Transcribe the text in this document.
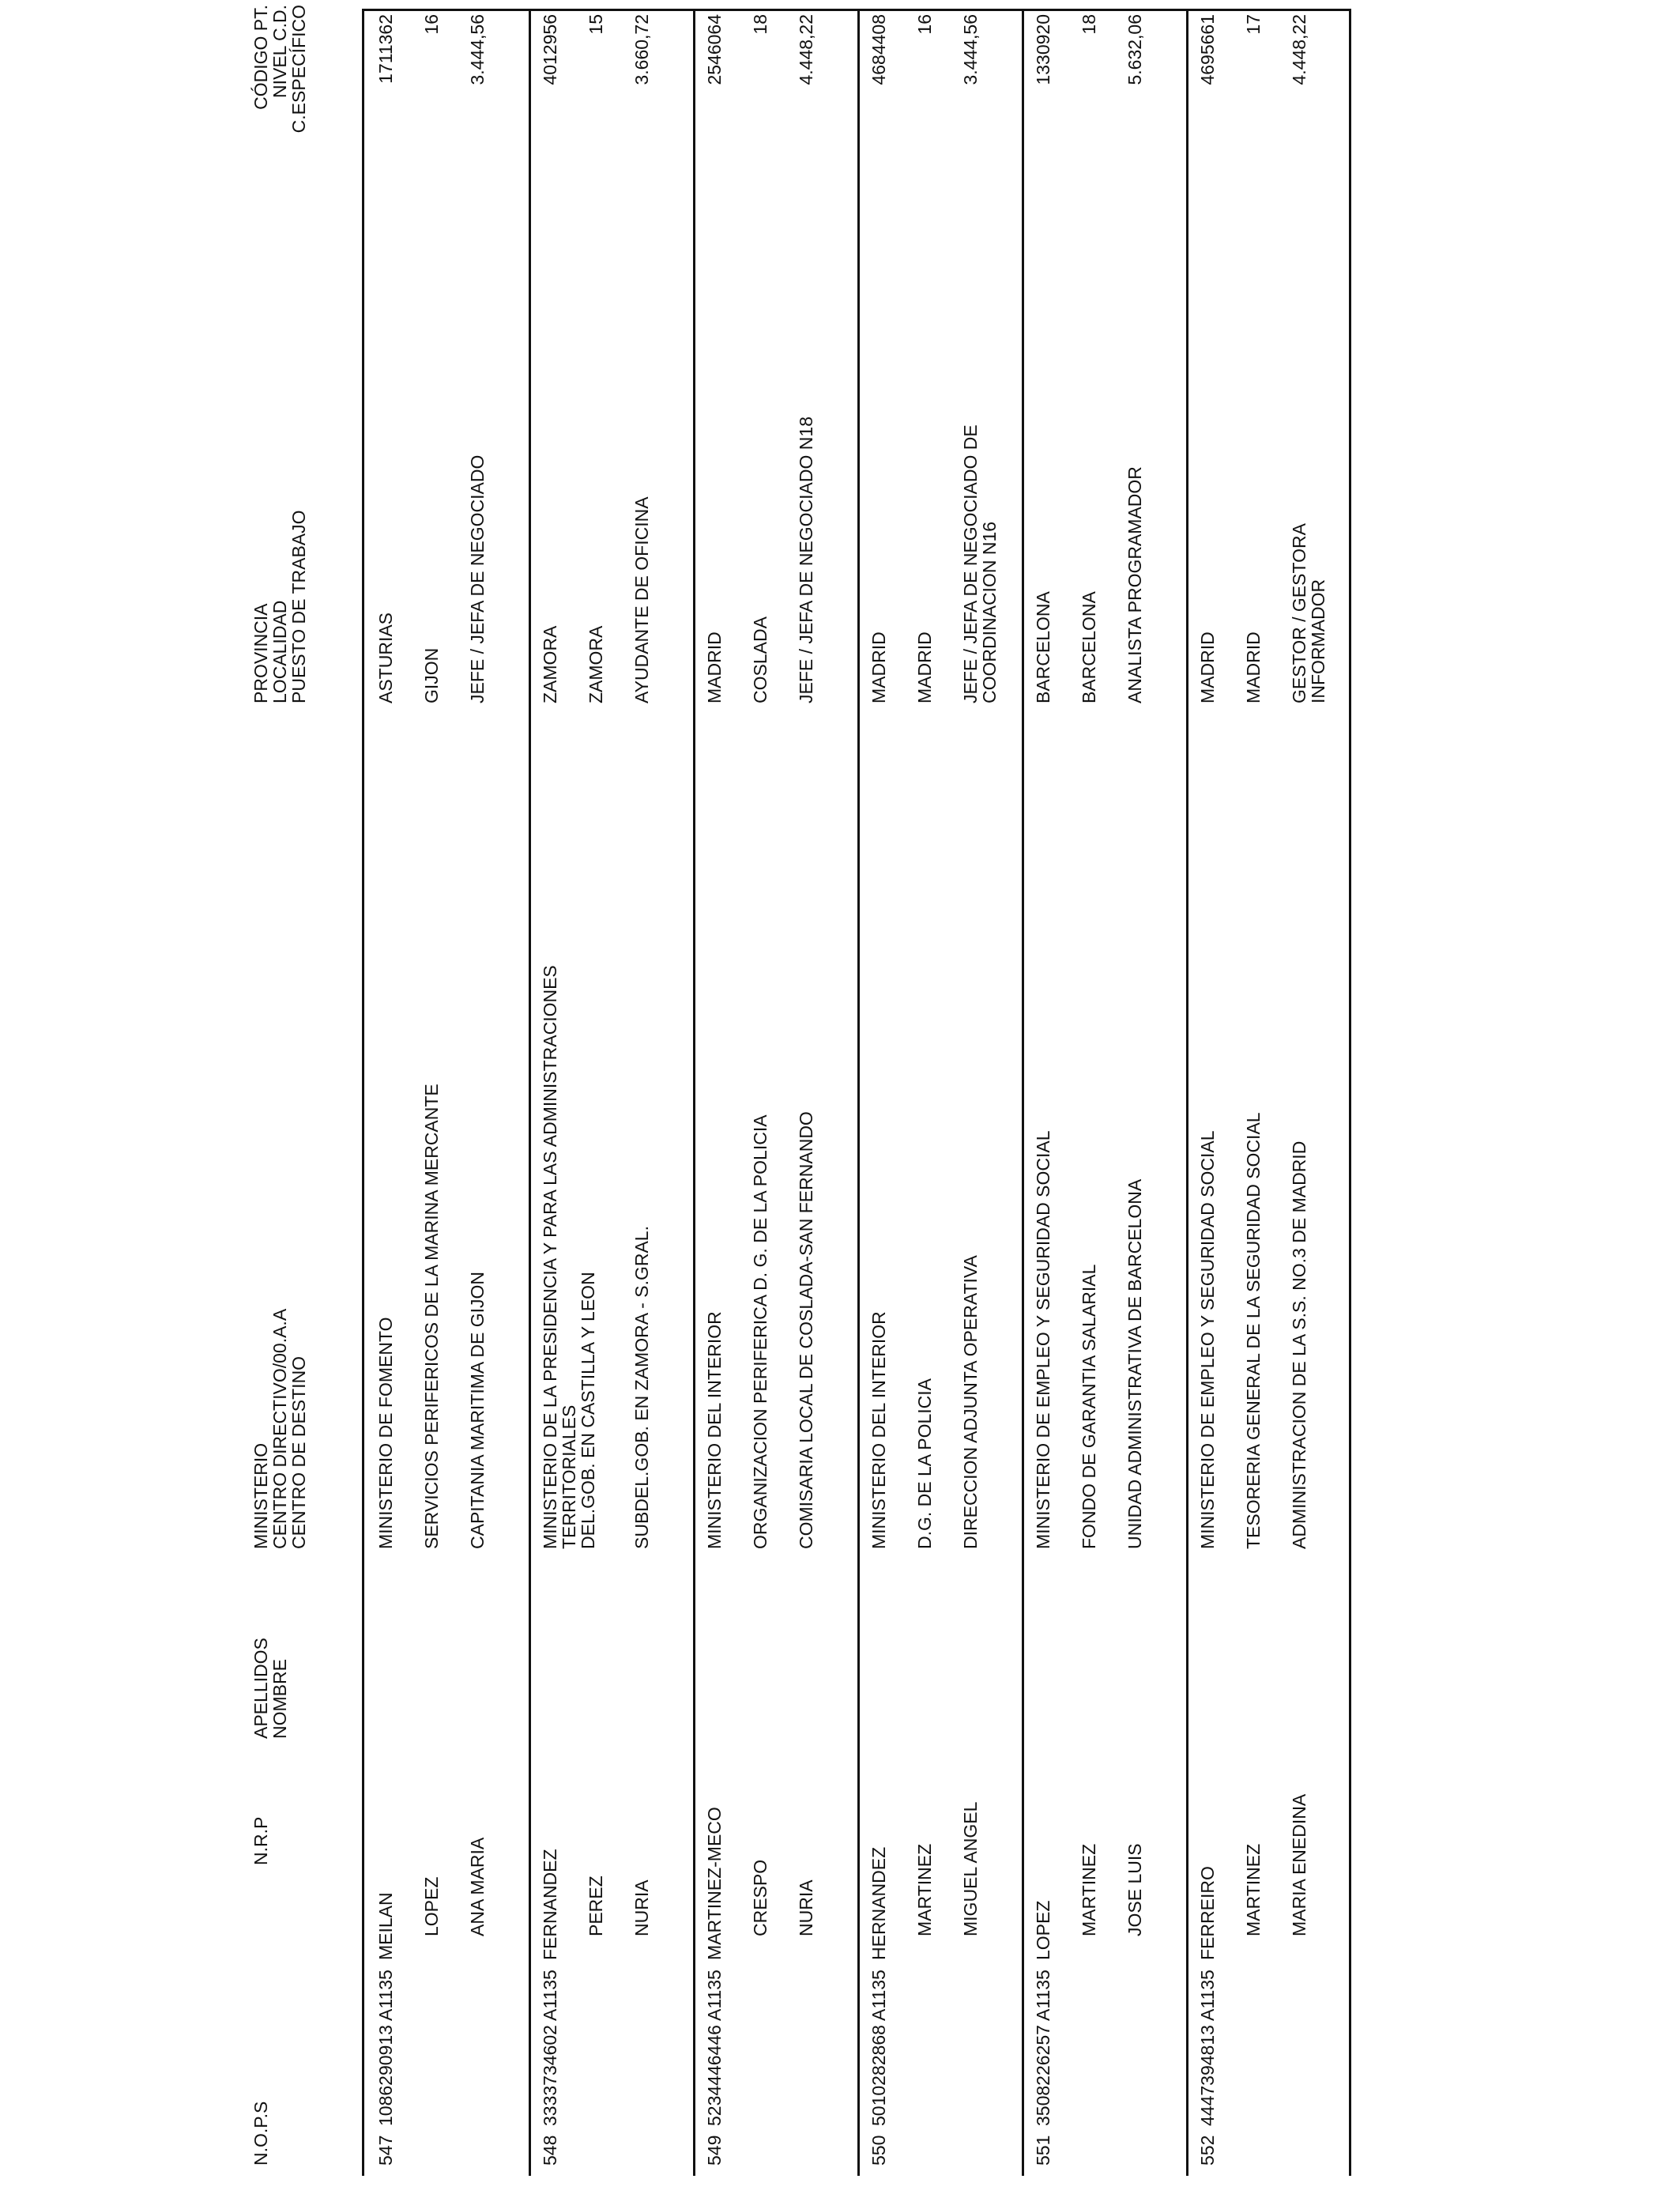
N.O.P.S
N.R.P
APELLIDOS
NOMBRE
MINISTERIO
CENTRO DIRECTIVO/00.A.A
CENTRO DE DESTINO
PROVINCIA
LOCALIDAD
PUESTO DE TRABAJO
CÓDIGO PT.
NIVEL C.D.
C.ESPECÍFICO
547
1086290913 A1135
MEILAN LOPEZ ANA MARIA
MINISTERIO DE FOMENTO SERVICIOS PERIFERICOS DE LA MARINA MERCANTE CAPITANIA MARITIMA DE GIJON
ASTURIAS GIJON JEFE / JEFA DE NEGOCIADO
1711362 16 3.444,56
548
3333734602 A1135
FERNANDEZ PEREZ NURIA
MINISTERIO DE LA PRESIDENCIA Y PARA LAS ADMINISTRACIONES
TERRITORIALES
DEL.GOB. EN CASTILLA Y LEON SUBDEL.GOB. EN ZAMORA - S.GRAL.
ZAMORA ZAMORA AYUDANTE DE OFICINA
4012956 15 3.660,72
549
5234446446 A1135
MARTINEZ-MECO CRESPO NURIA
MINISTERIO DEL INTERIOR ORGANIZACION PERIFERICA D. G. DE LA POLICIA COMISARIA LOCAL DE COSLADA-SAN FERNANDO
MADRID COSLADA JEFE / JEFA DE NEGOCIADO N18
2546064 18 4.448,22
550
5010282868 A1135
HERNANDEZ MARTINEZ MIGUEL ANGEL
MINISTERIO DEL INTERIOR D.G. DE LA POLICIA DIRECCION ADJUNTA OPERATIVA
MADRID MADRID JEFE / JEFA DE NEGOCIADO DE
COORDINACION N16
4684408 16 3.444,56
551
3508226257 A1135
LOPEZ MARTINEZ JOSE LUIS
MINISTERIO DE EMPLEO Y SEGURIDAD SOCIAL FONDO DE GARANTIA SALARIAL UNIDAD ADMINISTRATIVA DE BARCELONA
BARCELONA BARCELONA ANALISTA PROGRAMADOR
1330920 18 5.632,06
552
4447394813 A1135
FERREIRO MARTINEZ MARIA ENEDINA
MINISTERIO DE EMPLEO Y SEGURIDAD SOCIAL TESORERIA GENERAL DE LA SEGURIDAD SOCIAL ADMINISTRACION DE LA S.S. NO.3 DE MADRID
MADRID MADRID GESTOR / GESTORA
INFORMADOR
4695661 17 4.448,22
